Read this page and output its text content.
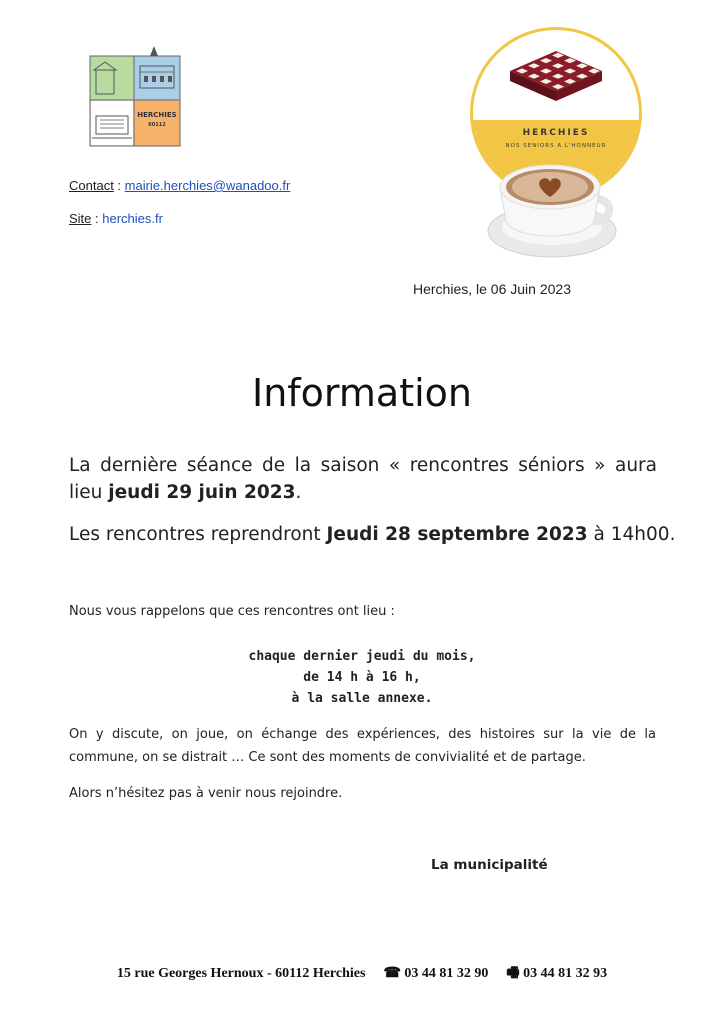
HERCHIES
60112
Contact : mairie.herchies@wanadoo.fr
Site : herchies.fr
HERCHIES
NOS SENIORS A L'HONNEUR
Herchies, le 06 Juin 2023
Information
La dernière séance de la saison « rencontres séniors » aura lieu jeudi 29 juin 2023.
Les rencontres reprendront Jeudi 28 septembre 2023 à 14h00.
Nous vous rappelons que ces rencontres ont lieu :
chaque dernier jeudi du mois,
de 14 h à 16 h,
à la salle annexe.
On y discute, on joue, on échange des expériences, des histoires sur la vie de la commune, on se distrait … Ce sont des moments de convivialité et de partage.
Alors n’hésitez pas à venir nous rejoindre.
La municipalité
15 rue Georges Hernoux - 60112 Herchies ☎ 03 44 81 32 90 🖷 03 44 81 32 93
